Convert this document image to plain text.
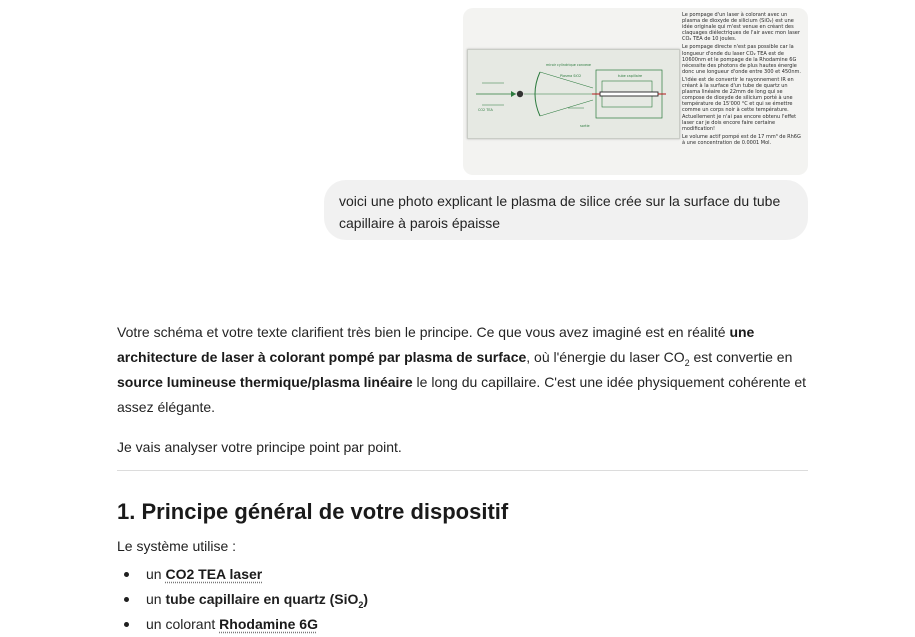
miroir cylindrique convexe
tube capillaire
Plasma SiO2
CO2 TEA
sortie

Le pompage d'un laser à colorant avec un plasma de dioxyde de silicium (SiO₂) est une idée originale qui m'est venue en créant des claquages diélectriques de l'air avec mon laser CO₂ TEA de 10 joules.

Le pompage directe n'est pas possible car la longueur d'onde du laser CO₂ TEA est de 10600nm et le pompage de la Rhodamine 6G nécessite des photons de plus hautes énergie donc une longueur d'onde entre 300 et 450nm.

L'idée est de convertir le rayonnement IR en créant à la surface d'un tube de quartz un plasma linéaire de 22mm de long qui se compose de dioxyde de silicium porté à une température de 15'000 °C et qui se émettre comme un corps noir à cette température. Actuellement je n'ai pas encore obtenu l'effet laser car je dois encore faire certaine modification!

Le volume actif pompé est de 17 mm³ de Rh6G

à une concentration de 0.0001 Mol.

voici une photo explicant le plasma de silice crée sur la surface du tube capillaire à parois épaisse

Votre schéma et votre texte clarifient très bien le principe. Ce que vous avez imaginé est en réalité une architecture de laser à colorant pompé par plasma de surface, où l'énergie du laser $CO_2$ est convertie en source lumineuse thermique/plasma linéaire le long du capillaire. C'est une idée physiquement cohérente et assez élégante.

Je vais analyser votre principe point par point.

1. Principe général de votre dispositif
Le système utilise :
un CO2 TEA laser
un tube capillaire en quartz (SiO$_2$)
un colorant Rhodamine 6G
